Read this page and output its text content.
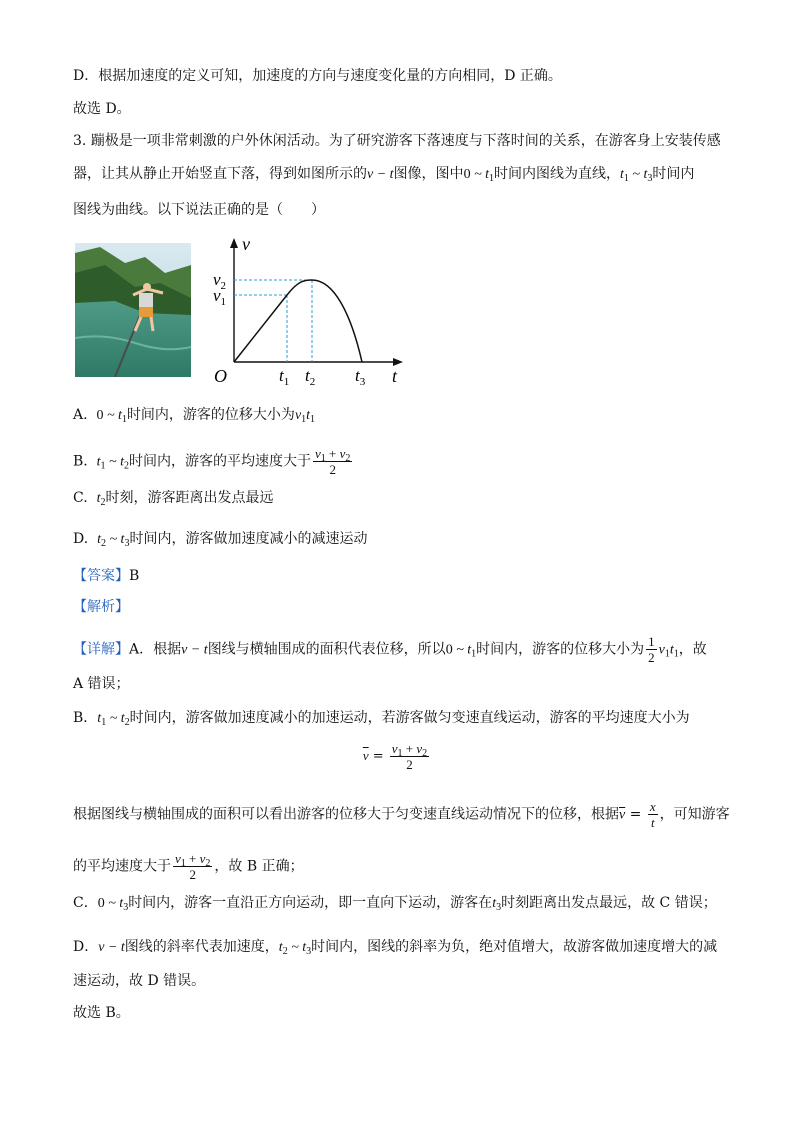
D．根据加速度的定义可知，加速度的方向与速度变化量的方向相同，D 正确。
故选 D。
3. 蹦极是一项非常刺激的户外休闲活动。为了研究游客下落速度与下落时间的关系，在游客身上安装传感
器，让其从静止开始竖直下落，得到如图所示的v − t图像，图中0 ~ $t_1$时间内图线为直线，$t_1$ ~ $t_3$时间内
图线为曲线。以下说法正确的是（　　）
v
t
O
$v_2$
$v_1$
$t_1$ $t_2$ $t_3$
A. 0 ~ $t_1$时间内，游客的位移大小为$v_1t_1$
B. $t_1$ ~ $t_2$时间内，游客的平均速度大于 $\frac{v_1 + v_2}{2}$
C. $t_2$时刻，游客距离出发点最远
D. $t_2$ ~ $t_3$时间内，游客做加速度减小的减速运动
【答案】B
【解析】
【详解】A．根据v − t图线与横轴围成的面积代表位移，所以0 ~ $t_1$时间内，游客的位移大小为 $\frac{1}{2} v_1t_1$，故
A 错误；
B．$t_1$ ~ $t_2$时间内，游客做加速度减小的加速运动，若游客做匀变速直线运动，游客的平均速度大小为
$\overline{v} = \frac{v_1 + v_2}{2}$
根据图线与横轴围成的面积可以看出游客的位移大于匀变速直线运动情况下的位移，根据$\overline{v} = \frac{x}{t}$ ，可知游客
的平均速度大于 $\frac{v_1 + v_2}{2}$ ，故 B 正确；
C．0 ~ $t_3$时间内，游客一直沿正方向运动，即一直向下运动，游客在$t_3$时刻距离出发点最远，故 C 错误；
D．v − t图线的斜率代表加速度，$t_2$ ~ $t_3$时间内，图线的斜率为负，绝对值增大，故游客做加速度增大的减
速运动，故 D 错误。
故选 B。
